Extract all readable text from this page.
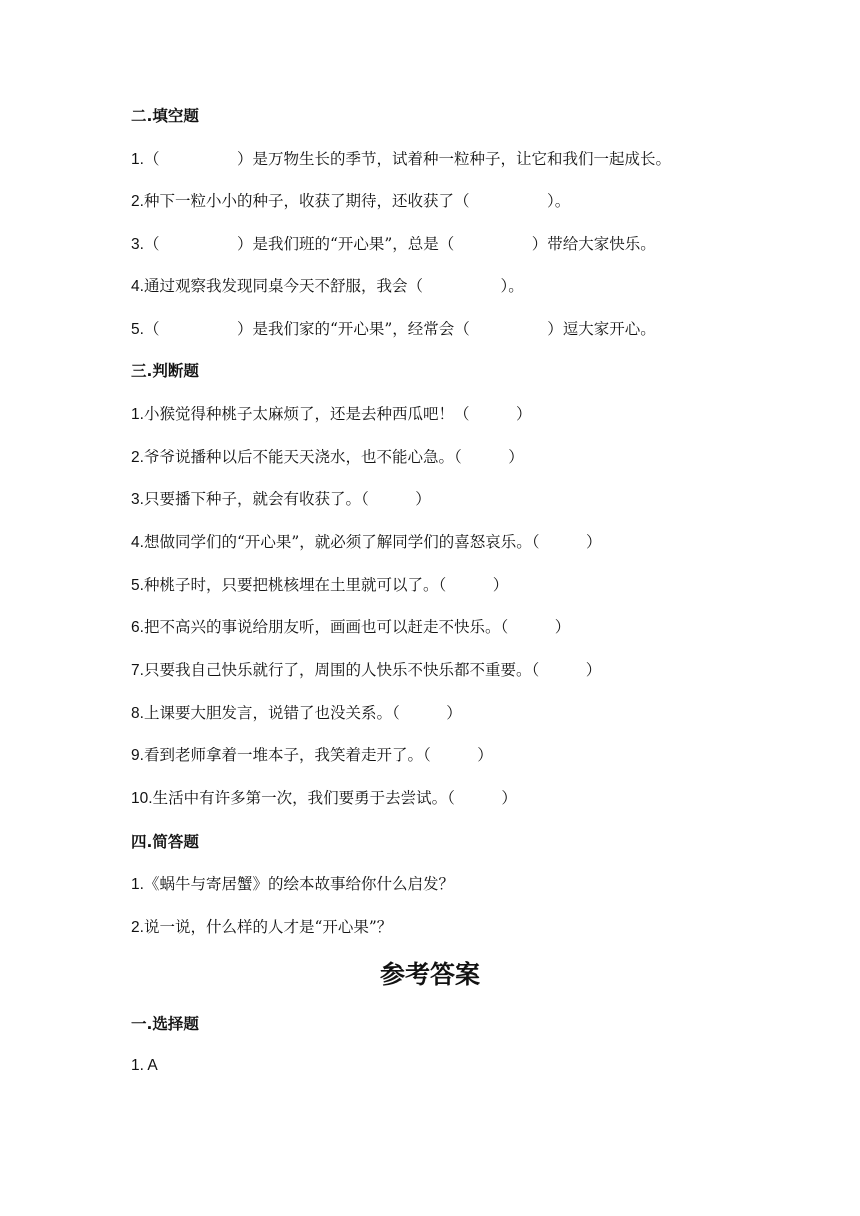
二.填空题
1.（　　　　　）是万物生长的季节，试着种一粒种子，让它和我们一起成长。
2.种下一粒小小的种子，收获了期待，还收获了（　　　　　）。
3.（　　　　　）是我们班的“开心果”，总是（　　　　　）带给大家快乐。
4.通过观察我发现同桌今天不舒服，我会（　　　　　）。
5.（　　　　　）是我们家的“开心果”，经常会（　　　　　）逗大家开心。
三.判断题
1.小猴觉得种桃子太麻烦了，还是去种西瓜吧！（　　　）
2.爷爷说播种以后不能天天浇水，也不能心急。（　　　）
3.只要播下种子，就会有收获了。（　　　）
4.想做同学们的“开心果”，就必须了解同学们的喜怒哀乐。（　　　）
5.种桃子时，只要把桃核埋在土里就可以了。（　　　）
6.把不高兴的事说给朋友听，画画也可以赶走不快乐。（　　　）
7.只要我自己快乐就行了，周围的人快乐不快乐都不重要。（　　　）
8.上课要大胆发言，说错了也没关系。（　　　）
9.看到老师拿着一堆本子，我笑着走开了。（　　　）
10.生活中有许多第一次，我们要勇于去尝试。（　　　）
四.简答题
1.《蜗牛与寄居蟹》的绘本故事给你什么启发？
2.说一说，什么样的人才是“开心果”？
参考答案
一.选择题
1. A
